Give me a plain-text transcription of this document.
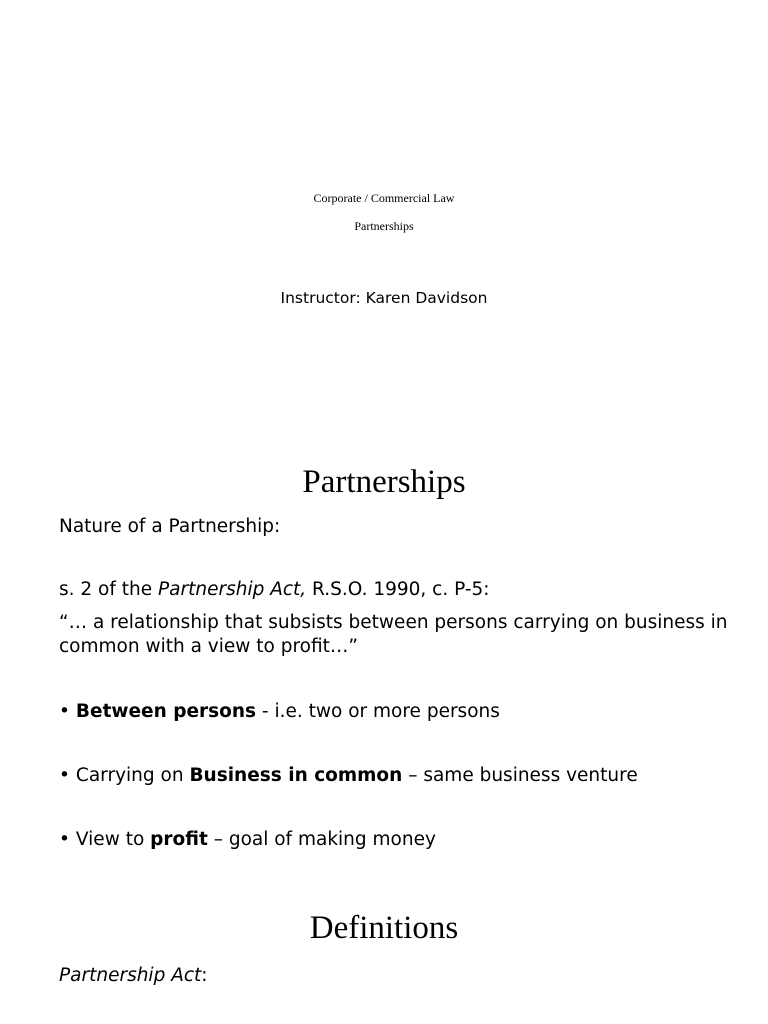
Corporate / Commercial Law

Partnerships

Instructor: Karen Davidson

Partnerships

Nature of a Partnership:

s. 2 of the Partnership Act, R.S.O. 1990, c. P-5:

“… a relationship that subsists between persons carrying on business in common with a view to profit…”

• Between persons - i.e. two or more persons

• Carrying on Business in common – same business venture

• View to profit – goal of making money

Definitions

Partnership Act:
